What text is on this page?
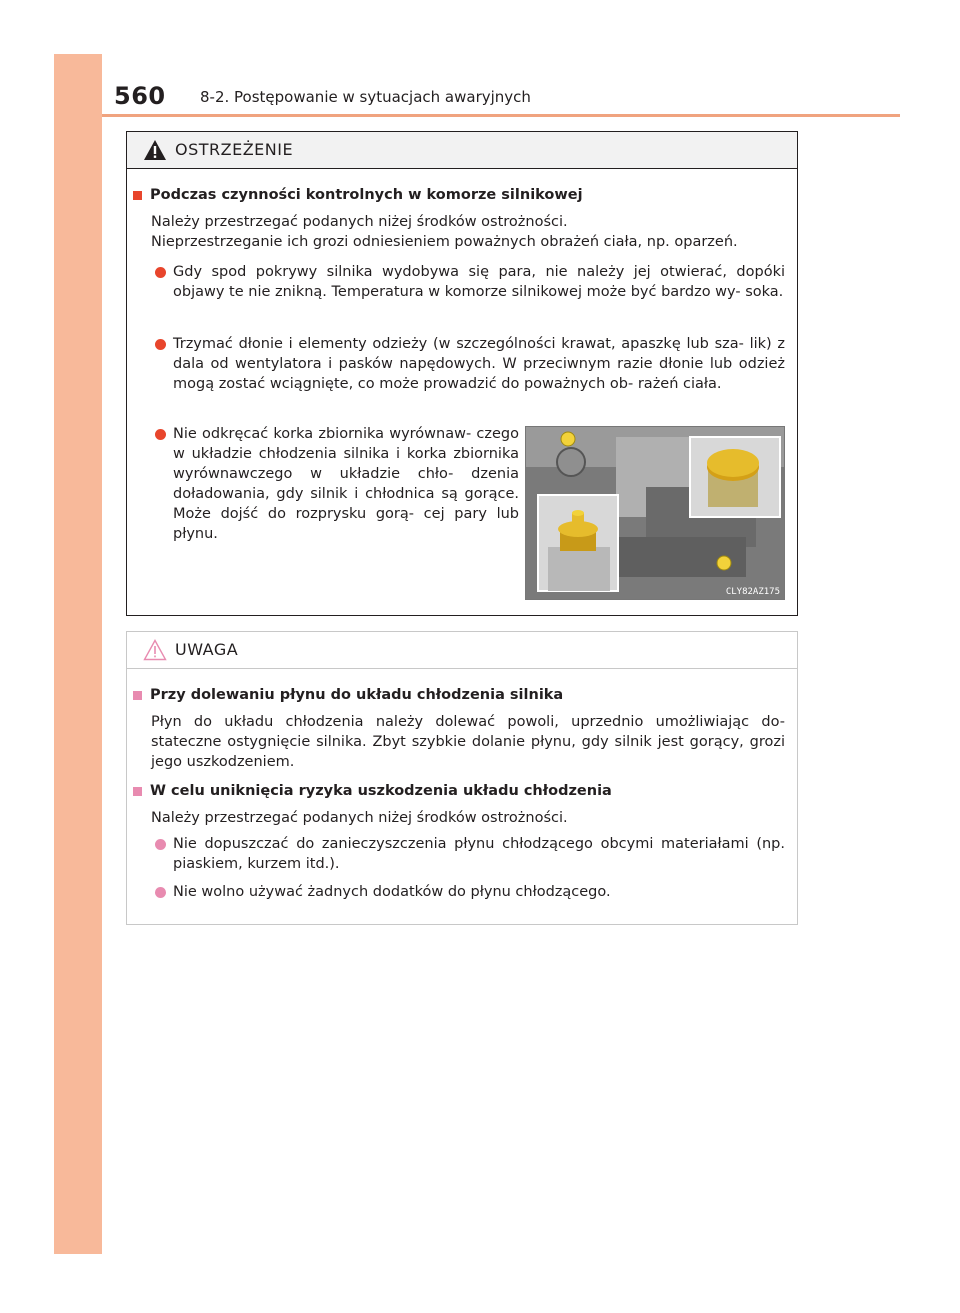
560 8-2. Postępowanie w sytuacjach awaryjnych
OSTRZEŻENIE
Podczas czynności kontrolnych w komorze silnikowej
Należy przestrzegać podanych niżej środków ostrożności.
Nieprzestrzeganie ich grozi odniesieniem poważnych obrażeń ciała, np. oparzeń.
Gdy spod pokrywy silnika wydobywa się para, nie należy jej otwierać, dopóki objawy te nie znikną. Temperatura w komorze silnikowej może być bardzo wy- soka.
Trzymać dłonie i elementy odzieży (w szczególności krawat, apaszkę lub sza- lik) z dala od wentylatora i pasków napędowych. W przeciwnym razie dłonie lub odzież mogą zostać wciągnięte, co może prowadzić do poważnych ob- rażeń ciała.
Nie odkręcać korka zbiornika wyrównaw- czego w układzie chłodzenia silnika i korka zbiornika wyrównawczego w układzie chło- dzenia doładowania, gdy silnik i chłodnica są gorące. Może dojść do rozprysku gorą- cej pary lub płynu.
CLY82AZ175
UWAGA
Przy dolewaniu płynu do układu chłodzenia silnika
Płyn do układu chłodzenia należy dolewać powoli, uprzednio umożliwiając do- stateczne ostygnięcie silnika. Zbyt szybkie dolanie płynu, gdy silnik jest gorący, grozi jego uszkodzeniem.
W celu uniknięcia ryzyka uszkodzenia układu chłodzenia
Należy przestrzegać podanych niżej środków ostrożności.
Nie dopuszczać do zanieczyszczenia płynu chłodzącego obcymi materiałami (np. piaskiem, kurzem itd.).
Nie wolno używać żadnych dodatków do płynu chłodzącego.
